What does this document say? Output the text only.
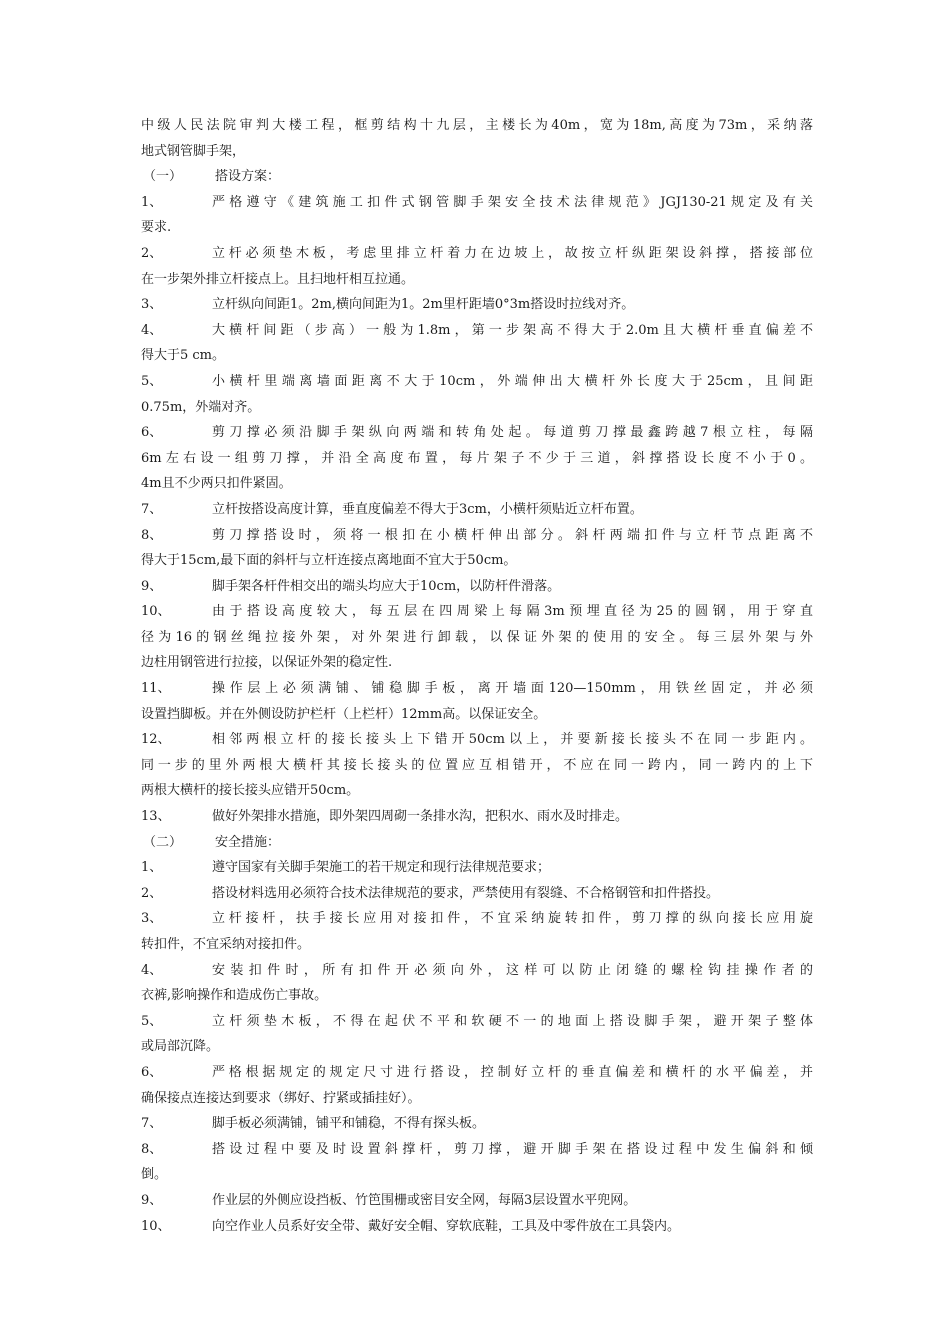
中级人民法院审判大楼工程，框剪结构十九层，主楼长为40m，宽为18m,高度为73m，采纳落
地式钢管脚手架，
（一）	搭设方案：
1、	严格遵守《建筑施工扣件式钢管脚手架安全技术法律规范》JGJ130-21规定及有关
要求.
2、	立杆必须垫木板，考虑里排立杆着力在边坡上，故按立杆纵距架设斜撑，搭接部位
在一步架外排立杆接点上。且扫地杆相互拉通。
3、	立杆纵向间距1。2m,横向间距为1。2m里杆距墙0°3m搭设时拉线对齐。
4、	大横杆间距（步高）一般为1.8m，第一步架高不得大于2.0m且大横杆垂直偏差不
得大于5 cm。
5、	小横杆里端离墙面距离不大于10cm，外端伸出大横杆外长度大于25cm，且间距
0.75m，外端对齐。
6、	剪刀撑必须沿脚手架纵向两端和转角处起。每道剪刀撑最鑫跨越7根立柱，每隔
6m左右设一组剪刀撑，并沿全高度布置，每片架子不少于三道，斜撑搭设长度不小于0。
4m且不少两只扣件紧固。
7、	立杆按搭设高度计算，垂直度偏差不得大于3cm，小横杆须贴近立杆布置。
8、	剪刀撑搭设时，须将一根扣在小横杆伸出部分。斜杆两端扣件与立杆节点距离不
得大于15cm,最下面的斜杆与立杆连接点离地面不宜大于50cm。
9、	脚手架各杆件相交出的端头均应大于10cm，以防杆件滑落。
10、	由于搭设高度较大，每五层在四周梁上每隔3m预埋直径为25的圆钢，用于穿直
径为16的钢丝绳拉接外架，对外架进行卸载，以保证外架的使用的安全。每三层外架与外
边柱用钢管进行拉接，以保证外架的稳定性.
11、	操作层上必须满铺、铺稳脚手板，离开墙面120—150mm，用铁丝固定，并必须
设置挡脚板。并在外侧设防护栏杆（上栏杆）12mm高。以保证安全。
12、	相邻两根立杆的接长接头上下错开50cm以上，并要新接长接头不在同一步距内。
同一步的里外两根大横杆其接长接头的位置应互相错开，不应在同一跨内，同一跨内的上下
两根大横杆的接长接头应错开50cm。
13、	做好外架排水措施，即外架四周砌一条排水沟，把积水、雨水及时排走。
（二）	安全措施：
1、	遵守国家有关脚手架施工的若干规定和现行法律规范要求；
2、	搭设材料选用必须符合技术法律规范的要求，严禁使用有裂缝、不合格钢管和扣件搭投。
3、	立杆接杆，扶手接长应用对接扣件，不宜采纳旋转扣件，剪刀撑的纵向接长应用旋
转扣件，不宜采纳对接扣件。
4、	安装扣件时，所有扣件开必须向外，这样可以防止闭缝的螺栓钩挂操作者的
衣裤,影响操作和造成伤亡事故。
5、	立杆须垫木板，不得在起伏不平和软硬不一的地面上搭设脚手架，避开架子整体
或局部沉降。
6、	严格根据规定的规定尺寸进行搭设，控制好立杆的垂直偏差和横杆的水平偏差，并
确保接点连接达到要求（绑好、拧紧或插挂好）。
7、	脚手板必须满铺，铺平和铺稳，不得有探头板。
8、	搭设过程中要及时设置斜撑杆，剪刀撑，避开脚手架在搭设过程中发生偏斜和倾
倒。
9、	作业层的外侧应设挡板、竹笆围栅或密目安全网，每隔3层设置水平兜网。
10、	向空作业人员系好安全带、戴好安全帽、穿软底鞋，工具及中零件放在工具袋内。
